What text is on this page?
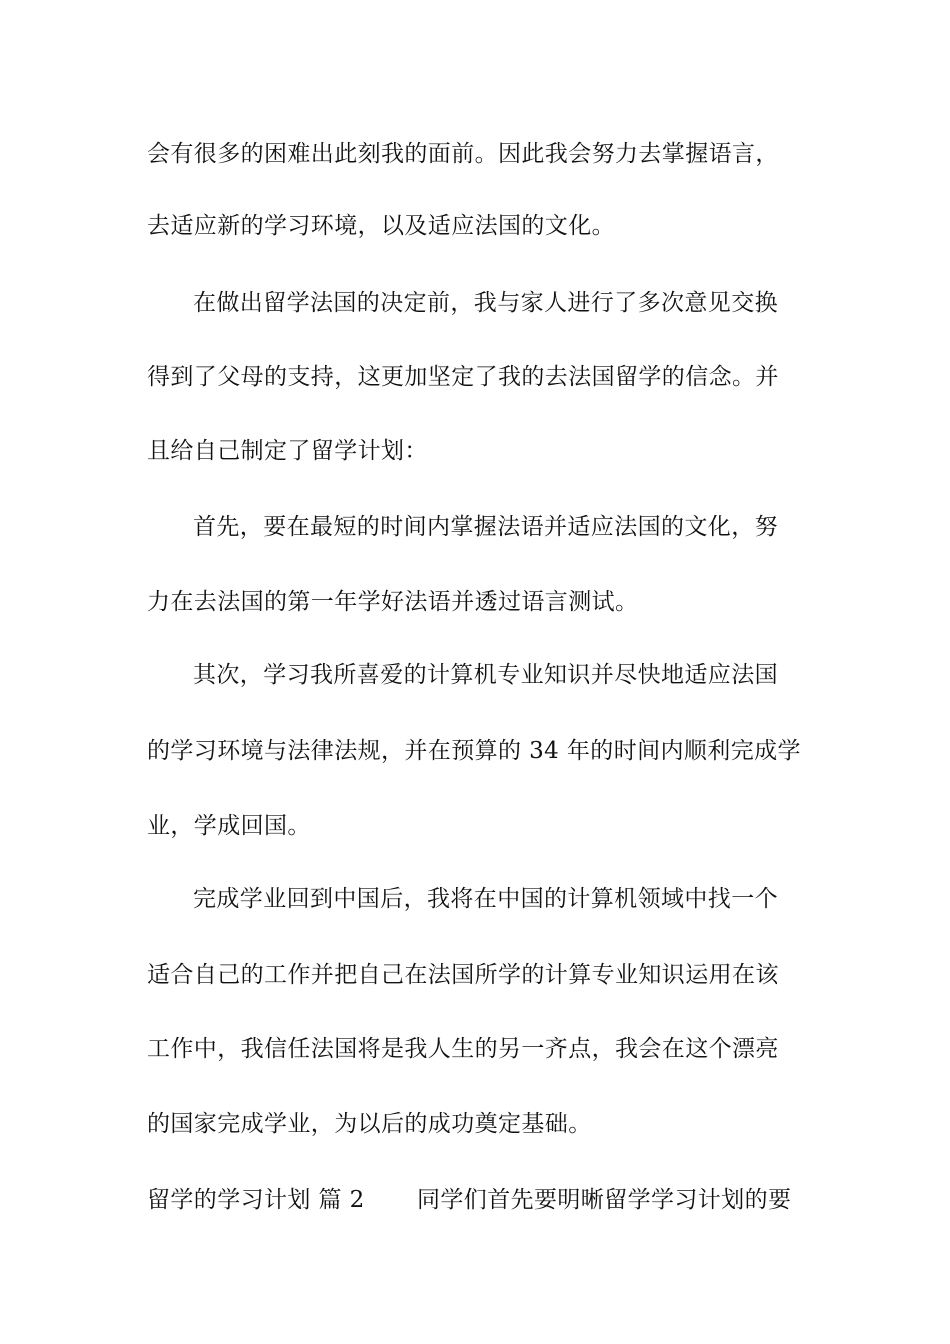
会有很多的困难出此刻我的面前。因此我会努力去掌握语言，
去适应新的学习环境，以及适应法国的文化。
在做出留学法国的决定前，我与家人进行了多次意见交换
得到了父母的支持，这更加坚定了我的去法国留学的信念。并
且给自己制定了留学计划：
首先，要在最短的时间内掌握法语并适应法国的文化，努
力在去法国的第一年学好法语并透过语言测试。
其次，学习我所喜爱的计算机专业知识并尽快地适应法国
的学习环境与法律法规，并在预算的 34 年的时间内顺利完成学
业，学成回国。
完成学业回到中国后，我将在中国的计算机领域中找一个
适合自己的工作并把自己在法国所学的计算专业知识运用在该
工作中，我信任法国将是我人生的另一齐点，我会在这个漂亮
的国家完成学业，为以后的成功奠定基础。
留学的学习计划 篇 2 同学们首先要明晰留学学习计划的要
